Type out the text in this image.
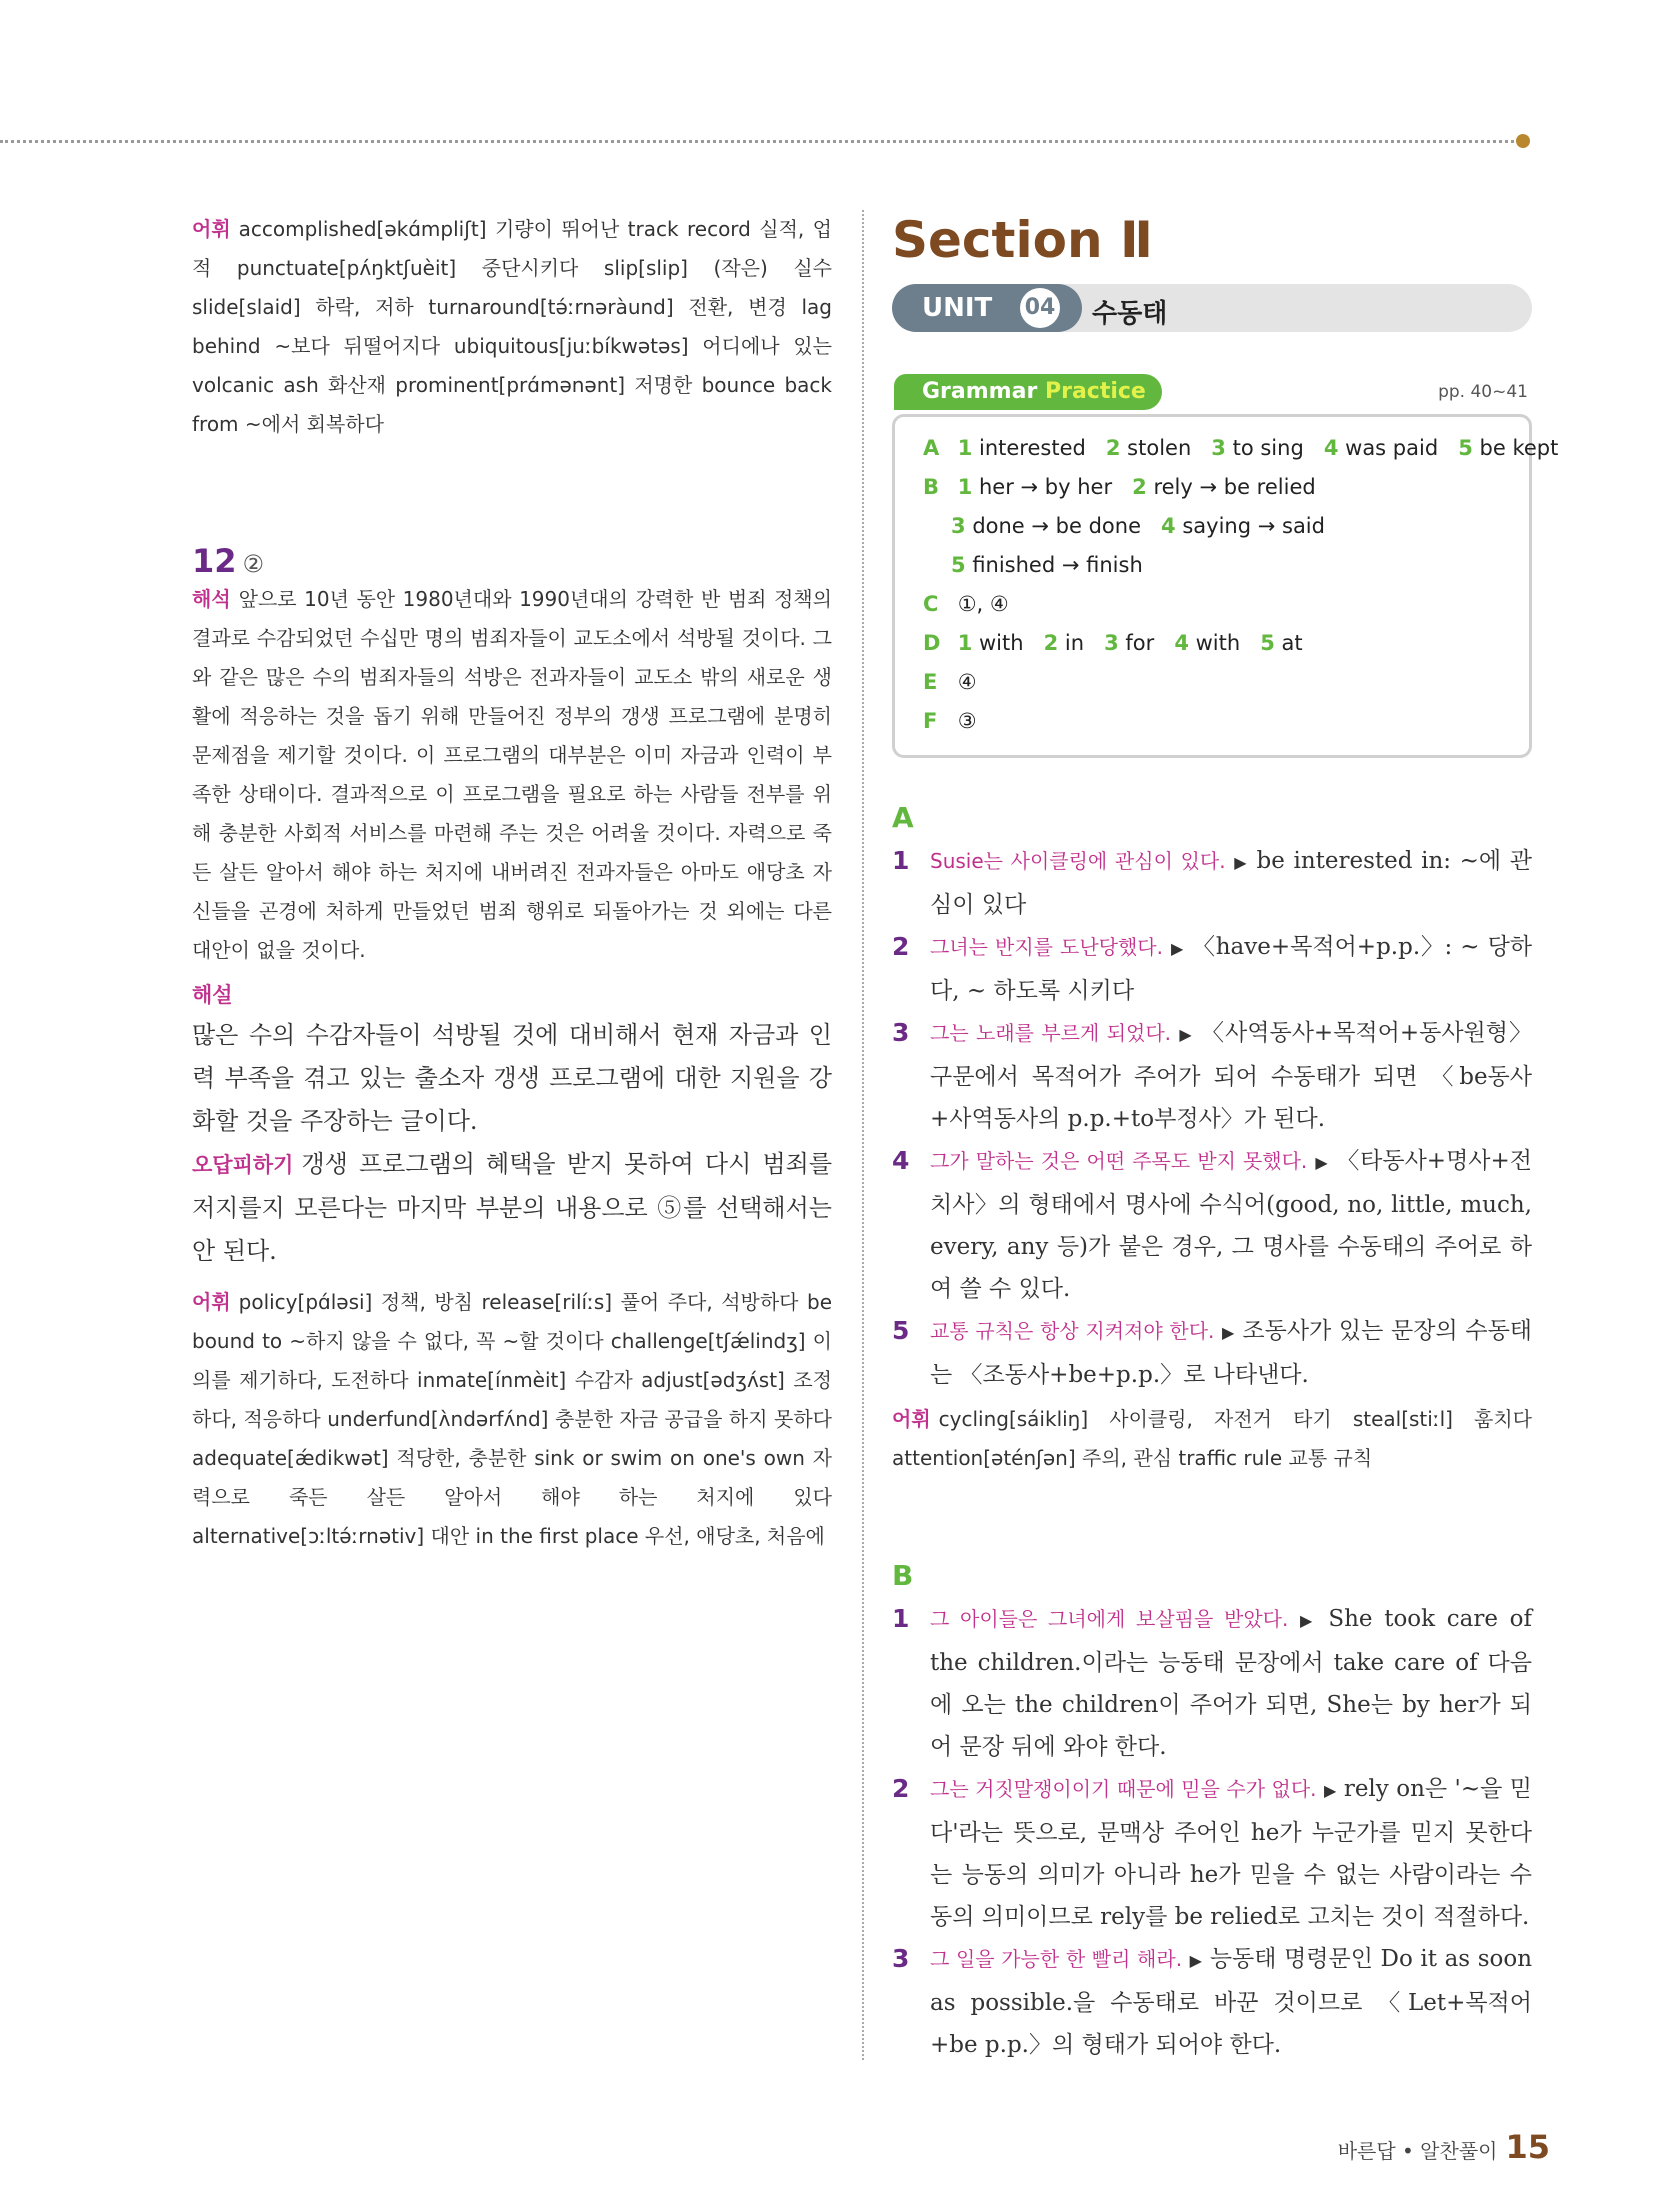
어휘 accomplished[əkɑ́mpliʃt] 기량이 뛰어난 track record 실적, 업적 punctuate[pʌ́ŋktʃuèit] 중단시키다 slip[slip] (작은) 실수 slide[slaid] 하락, 저하 turnaround[tə́ːrnəràund] 전환, 변경 lag behind ~보다 뒤떨어지다 ubiquitous[juːbíkwətəs] 어디에나 있는 volcanic ash 화산재 prominent[prɑ́mənənt] 저명한 bounce back from ~에서 회복하다

12 ②

해석 앞으로 10년 동안 1980년대와 1990년대의 강력한 반 범죄 정책의 결과로 수감되었던 수십만 명의 범죄자들이 교도소에서 석방될 것이다. 그와 같은 많은 수의 범죄자들의 석방은 전과자들이 교도소 밖의 새로운 생활에 적응하는 것을 돕기 위해 만들어진 정부의 갱생 프로그램에 분명히 문제점을 제기할 것이다. 이 프로그램의 대부분은 이미 자금과 인력이 부족한 상태이다. 결과적으로 이 프로그램을 필요로 하는 사람들 전부를 위해 충분한 사회적 서비스를 마련해 주는 것은 어려울 것이다. 자력으로 죽든 살든 알아서 해야 하는 처지에 내버려진 전과자들은 아마도 애당초 자신들을 곤경에 처하게 만들었던 범죄 행위로 되돌아가는 것 외에는 다른 대안이 없을 것이다.

해설

많은 수의 수감자들이 석방될 것에 대비해서 현재 자금과 인력 부족을 겪고 있는 출소자 갱생 프로그램에 대한 지원을 강화할 것을 주장하는 글이다.

오답피하기 갱생 프로그램의 혜택을 받지 못하여 다시 범죄를 저지를지 모른다는 마지막 부분의 내용으로 ⑤를 선택해서는 안 된다.

어휘 policy[pɑ́ləsi] 정책, 방침 release[rilíːs] 풀어 주다, 석방하다 be bound to ~하지 않을 수 없다, 꼭 ~할 것이다 challenge[tʃǽlindʒ] 이의를 제기하다, 도전하다 inmate[ínmèit] 수감자 adjust[ədʒʌ́st] 조정하다, 적응하다 underfund[ʌ̀ndərfʌ́nd] 충분한 자금 공급을 하지 못하다 adequate[ǽdikwət] 적당한, 충분한 sink or swim on one's own 자력으로 죽든 살든 알아서 해야 하는 처지에 있다 alternative[ɔːltə́ːrnətiv] 대안 in the first place 우선, 애당초, 처음에

Section Ⅱ
UNIT 04 수동태
Grammar Practice	pp. 40~41
A 1 interested 2 stolen 3 to sing 4 was paid 5 be kept
B 1 her → by her 2 rely → be relied
3 done → be done 4 saying → said
5 finished → finish
C ①, ④
D 1 with 2 in 3 for 4 with 5 at
E ④
F ③
A
1 Susie는 사이클링에 관심이 있다. ▶ be interested in: ~에 관심이 있다
2 그녀는 반지를 도난당했다. ▶ 〈have+목적어+p.p.〉: ~ 당하다, ~ 하도록 시키다
3 그는 노래를 부르게 되었다. ▶ 〈사역동사+목적어+동사원형〉 구문에서 목적어가 주어가 되어 수동태가 되면 〈be동사+사역동사의 p.p.+to부정사〉가 된다.
4 그가 말하는 것은 어떤 주목도 받지 못했다. ▶ 〈타동사+명사+전치사〉의 형태에서 명사에 수식어(good, no, little, much, every, any 등)가 붙은 경우, 그 명사를 수동태의 주어로 하여 쓸 수 있다.
5 교통 규칙은 항상 지켜져야 한다. ▶ 조동사가 있는 문장의 수동태는 〈조동사+be+p.p.〉로 나타낸다.

어휘 cycling[sáikliŋ] 사이클링, 자전거 타기 steal[stiːl] 훔치다 attention[əténʃən] 주의, 관심 traffic rule 교통 규칙

B
1 그 아이들은 그녀에게 보살핌을 받았다. ▶ She took care of the children.이라는 능동태 문장에서 take care of 다음에 오는 the children이 주어가 되면, She는 by her가 되어 문장 뒤에 와야 한다.
2 그는 거짓말쟁이이기 때문에 믿을 수가 없다. ▶ rely on은 '~을 믿다'라는 뜻으로, 문맥상 주어인 he가 누군가를 믿지 못한다는 능동의 의미가 아니라 he가 믿을 수 없는 사람이라는 수동의 의미이므로 rely를 be relied로 고치는 것이 적절하다.
3 그 일을 가능한 한 빨리 해라. ▶ 능동태 명령문인 Do it as soon as possible.을 수동태로 바꾼 것이므로 〈Let+목적어+be p.p.〉의 형태가 되어야 한다.
바른답 • 알찬풀이 15
